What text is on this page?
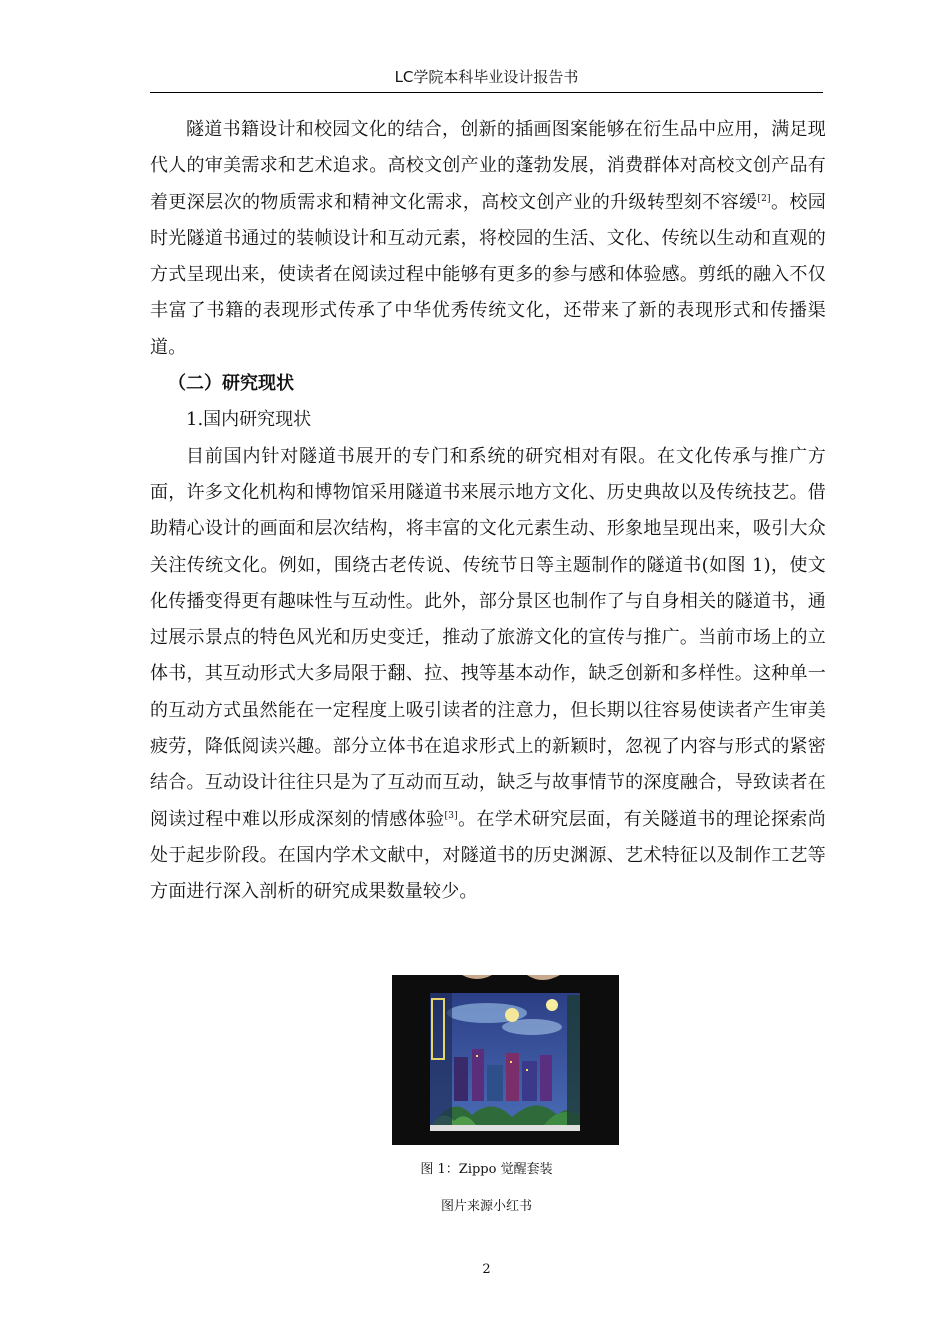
LC学院本科毕业设计报告书

隧道书籍设计和校园文化的结合，创新的插画图案能够在衍生品中应用，满足现代人的审美需求和艺术追求。高校文创产业的蓬勃发展，消费群体对高校文创产品有着更深层次的物质需求和精神文化需求，高校文创产业的升级转型刻不容缓[2]。校园时光隧道书通过的装帧设计和互动元素，将校园的生活、文化、传统以生动和直观的方式呈现出来，使读者在阅读过程中能够有更多的参与感和体验感。剪纸的融入不仅丰富了书籍的表现形式传承了中华优秀传统文化，还带来了新的表现形式和传播渠道。

（二）研究现状

1.国内研究现状

目前国内针对隧道书展开的专门和系统的研究相对有限。在文化传承与推广方面，许多文化机构和博物馆采用隧道书来展示地方文化、历史典故以及传统技艺。借助精心设计的画面和层次结构，将丰富的文化元素生动、形象地呈现出来，吸引大众关注传统文化。例如，围绕古老传说、传统节日等主题制作的隧道书(如图 1)，使文化传播变得更有趣味性与互动性。此外，部分景区也制作了与自身相关的隧道书，通过展示景点的特色风光和历史变迁，推动了旅游文化的宣传与推广。当前市场上的立体书，其互动形式大多局限于翻、拉、拽等基本动作，缺乏创新和多样性。这种单一的互动方式虽然能在一定程度上吸引读者的注意力，但长期以往容易使读者产生审美疲劳，降低阅读兴趣。部分立体书在追求形式上的新颖时，忽视了内容与形式的紧密结合。互动设计往往只是为了互动而互动，缺乏与故事情节的深度融合，导致读者在阅读过程中难以形成深刻的情感体验[3]。在学术研究层面，有关隧道书的理论探索尚处于起步阶段。在国内学术文献中，对隧道书的历史渊源、艺术特征以及制作工艺等方面进行深入剖析的研究成果数量较少。

图 1：Zippo 觉醒套装
图片来源小红书
2
